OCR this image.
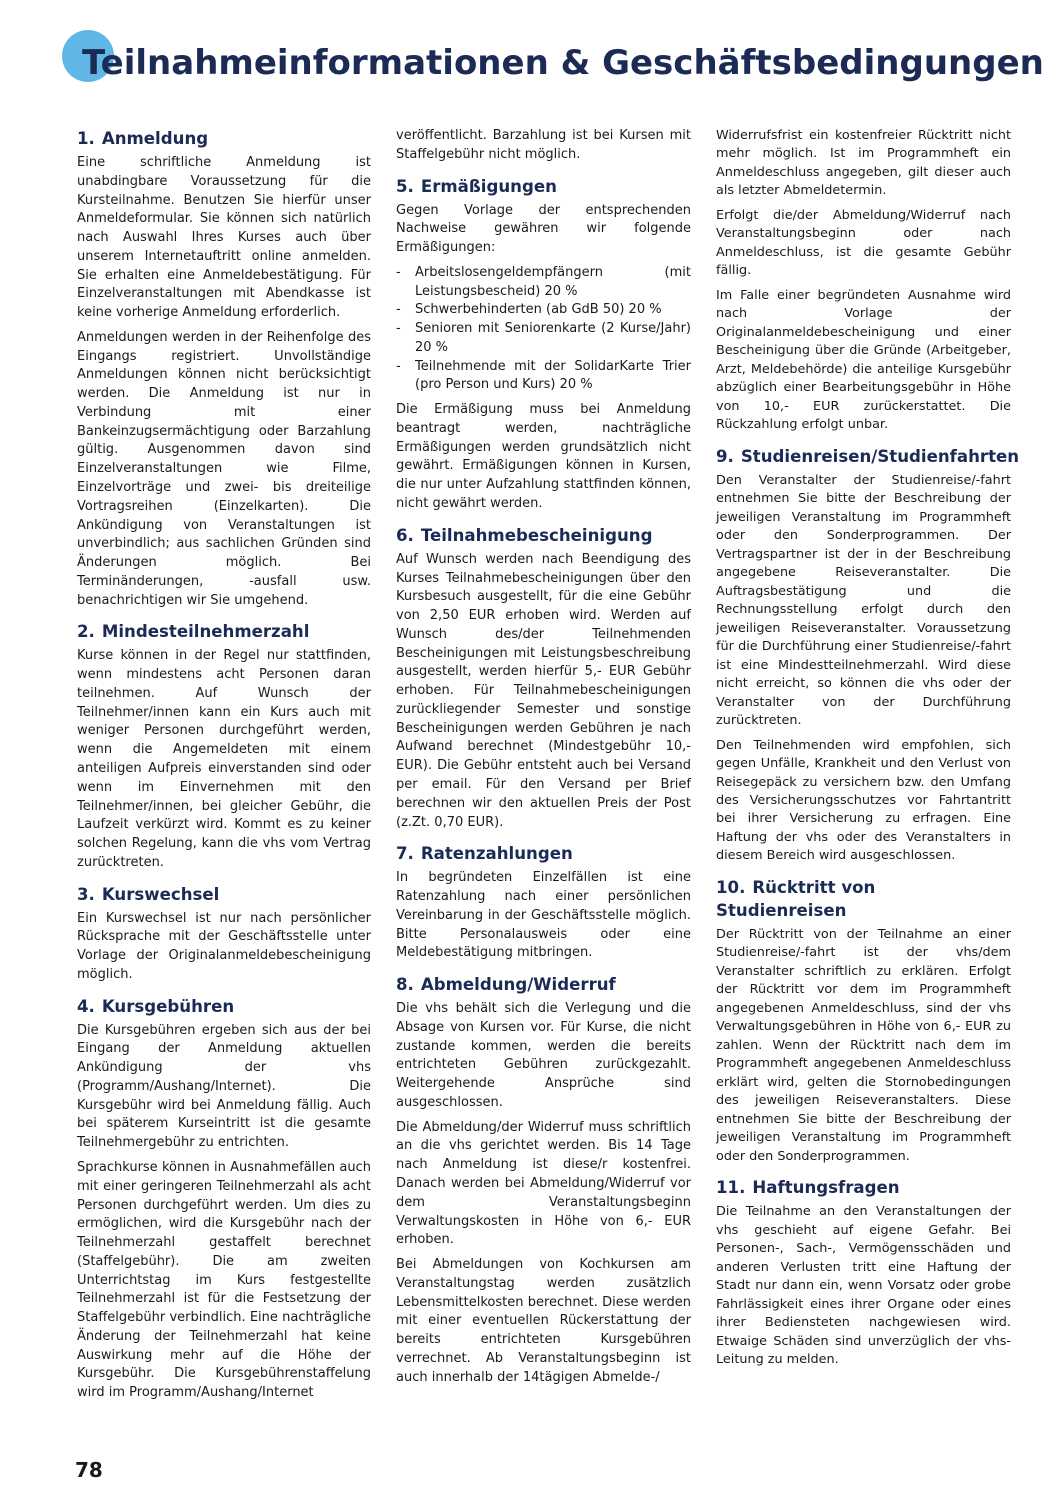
Teilnahmeinformationen & Geschäftsbedingungen
1. Anmeldung

Eine schriftliche Anmeldung ist unabdingbare Voraussetzung für die Kursteilnahme. Benutzen Sie hierfür unser Anmeldeformular. Sie können sich natürlich nach Auswahl Ihres Kurses auch über unserem Internetauftritt online anmelden. Sie erhalten eine Anmeldebestätigung. Für Einzelveranstaltungen mit Abendkasse ist keine vorherige Anmeldung erforderlich.

Anmeldungen werden in der Reihenfolge des Eingangs registriert. Unvollständige Anmeldungen können nicht berücksichtigt werden. Die Anmeldung ist nur in Verbindung mit einer Bankeinzugsermächtigung oder Barzahlung gültig. Ausgenommen davon sind Einzelveranstaltungen wie Filme, Einzelvorträge und zwei- bis dreiteilige Vortragsreihen (Einzelkarten). Die Ankündigung von Veranstaltungen ist unverbindlich; aus sachlichen Gründen sind Änderungen möglich. Bei Terminänderungen, -ausfall usw. benachrichtigen wir Sie umgehend.

2. Mindesteilnehmerzahl

Kurse können in der Regel nur stattfinden, wenn mindestens acht Personen daran teilnehmen. Auf Wunsch der Teilnehmer/innen kann ein Kurs auch mit weniger Personen durchgeführt werden, wenn die Angemeldeten mit einem anteiligen Aufpreis einverstanden sind oder wenn im Einvernehmen mit den Teilnehmer/innen, bei gleicher Gebühr, die Laufzeit verkürzt wird. Kommt es zu keiner solchen Regelung, kann die vhs vom Vertrag zurücktreten.

3. Kurswechsel

Ein Kurswechsel ist nur nach persönlicher Rücksprache mit der Geschäftsstelle unter Vorlage der Originalanmeldebescheinigung möglich.

4. Kursgebühren

Die Kursgebühren ergeben sich aus der bei Eingang der Anmeldung aktuellen Ankündigung der vhs (Programm/Aushang/Internet). Die Kursgebühr wird bei Anmeldung fällig. Auch bei späterem Kurseintritt ist die gesamte Teilnehmergebühr zu entrichten.

Sprachkurse können in Ausnahmefällen auch mit einer geringeren Teilnehmerzahl als acht Personen durchgeführt werden. Um dies zu ermöglichen, wird die Kursgebühr nach der Teilnehmerzahl gestaffelt berechnet (Staffelgebühr). Die am zweiten Unterrichtstag im Kurs festgestellte Teilnehmerzahl ist für die Festsetzung der Staffelgebühr verbindlich. Eine nachträgliche Änderung der Teilnehmerzahl hat keine Auswirkung mehr auf die Höhe der Kursgebühr. Die Kursgebührenstaffelung wird im Programm/Aushang/Internet

veröffentlicht. Barzahlung ist bei Kursen mit Staffelgebühr nicht möglich.

5. Ermäßigungen

Gegen Vorlage der entsprechenden Nachweise gewähren wir folgende Ermäßigungen:

- Arbeitslosengeldempfängern (mit Leistungsbescheid) 20 %
- Schwerbehinderten (ab GdB 50) 20 %
- Senioren mit Seniorenkarte (2 Kurse/Jahr) 20 %
- Teilnehmende mit der SolidarKarte Trier (pro Person und Kurs) 20 %

Die Ermäßigung muss bei Anmeldung beantragt werden, nachträgliche Ermäßigungen werden grundsätzlich nicht gewährt. Ermäßigungen können in Kursen, die nur unter Aufzahlung stattfinden können, nicht gewährt werden.

6. Teilnahmebescheinigung

Auf Wunsch werden nach Beendigung des Kurses Teilnahmebescheinigungen über den Kursbesuch ausgestellt, für die eine Gebühr von 2,50 EUR erhoben wird. Werden auf Wunsch des/der Teilnehmenden Bescheinigungen mit Leistungsbeschreibung ausgestellt, werden hierfür 5,- EUR Gebühr erhoben. Für Teilnahmebescheinigungen zurückliegender Semester und sonstige Bescheinigungen werden Gebühren je nach Aufwand berechnet (Mindestgebühr 10,- EUR). Die Gebühr entsteht auch bei Versand per email. Für den Versand per Brief berechnen wir den aktuellen Preis der Post (z.Zt. 0,70 EUR).

7. Ratenzahlungen

In begründeten Einzelfällen ist eine Ratenzahlung nach einer persönlichen Vereinbarung in der Geschäftsstelle möglich. Bitte Personalausweis oder eine Meldebestätigung mitbringen.

8. Abmeldung/Widerruf

Die vhs behält sich die Verlegung und die Absage von Kursen vor. Für Kurse, die nicht zustande kommen, werden die bereits entrichteten Gebühren zurückgezahlt. Weitergehende Ansprüche sind ausgeschlossen.

Die Abmeldung/der Widerruf muss schriftlich an die vhs gerichtet werden. Bis 14 Tage nach Anmeldung ist diese/r kostenfrei. Danach werden bei Abmeldung/Widerruf vor dem Veranstaltungsbeginn Verwaltungskosten in Höhe von 6,- EUR erhoben.

Bei Abmeldungen von Kochkursen am Veranstaltungstag werden zusätzlich Lebensmittelkosten berechnet. Diese werden mit einer eventuellen Rückerstattung der bereits entrichteten Kursgebühren verrechnet. Ab Veranstaltungsbeginn ist auch innerhalb der 14tägigen Abmelde-/

Widerrufsfrist ein kostenfreier Rücktritt nicht mehr möglich. Ist im Programmheft ein Anmeldeschluss angegeben, gilt dieser auch als letzter Abmeldetermin.

Erfolgt die/der Abmeldung/Widerruf nach Veranstaltungsbeginn oder nach Anmeldeschluss, ist die gesamte Gebühr fällig.

Im Falle einer begründeten Ausnahme wird nach Vorlage der Originalanmeldebescheinigung und einer Bescheinigung über die Gründe (Arbeitgeber, Arzt, Meldebehörde) die anteilige Kursgebühr abzüglich einer Bearbeitungsgebühr in Höhe von 10,- EUR zurückerstattet. Die Rückzahlung erfolgt unbar.

9. Studienreisen/Studienfahrten

Den Veranstalter der Studienreise/-fahrt entnehmen Sie bitte der Beschreibung der jeweiligen Veranstaltung im Programmheft oder den Sonderprogrammen. Der Vertragspartner ist der in der Beschreibung angegebene Reiseveranstalter. Die Auftragsbestätigung und die Rechnungsstellung erfolgt durch den jeweiligen Reiseveranstalter. Voraussetzung für die Durchführung einer Studienreise/-fahrt ist eine Mindestteilnehmerzahl. Wird diese nicht erreicht, so können die vhs oder der Veranstalter von der Durchführung zurücktreten.

Den Teilnehmenden wird empfohlen, sich gegen Unfälle, Krankheit und den Verlust von Reisegepäck zu versichern bzw. den Umfang des Versicherungsschutzes vor Fahrtantritt bei ihrer Versicherung zu erfragen. Eine Haftung der vhs oder des Veranstalters in diesem Bereich wird ausgeschlossen.

10. Rücktritt von Studienreisen

Der Rücktritt von der Teilnahme an einer Studienreise/-fahrt ist der vhs/dem Veranstalter schriftlich zu erklären. Erfolgt der Rücktritt vor dem im Programmheft angegebenen Anmeldeschluss, sind der vhs Verwaltungsgebühren in Höhe von 6,- EUR zu zahlen. Wenn der Rücktritt nach dem im Programmheft angegebenen Anmeldeschluss erklärt wird, gelten die Stornobedingungen des jeweiligen Reiseveranstalters. Diese entnehmen Sie bitte der Beschreibung der jeweiligen Veranstaltung im Programmheft oder den Sonderprogrammen.

11. Haftungsfragen

Die Teilnahme an den Veranstaltungen der vhs geschieht auf eigene Gefahr. Bei Personen-, Sach-, Vermögensschäden und anderen Verlusten tritt eine Haftung der Stadt nur dann ein, wenn Vorsatz oder grobe Fahrlässigkeit eines ihrer Organe oder eines ihrer Bediensteten nachgewiesen wird. Etwaige Schäden sind unverzüglich der vhs-Leitung zu melden.

78
